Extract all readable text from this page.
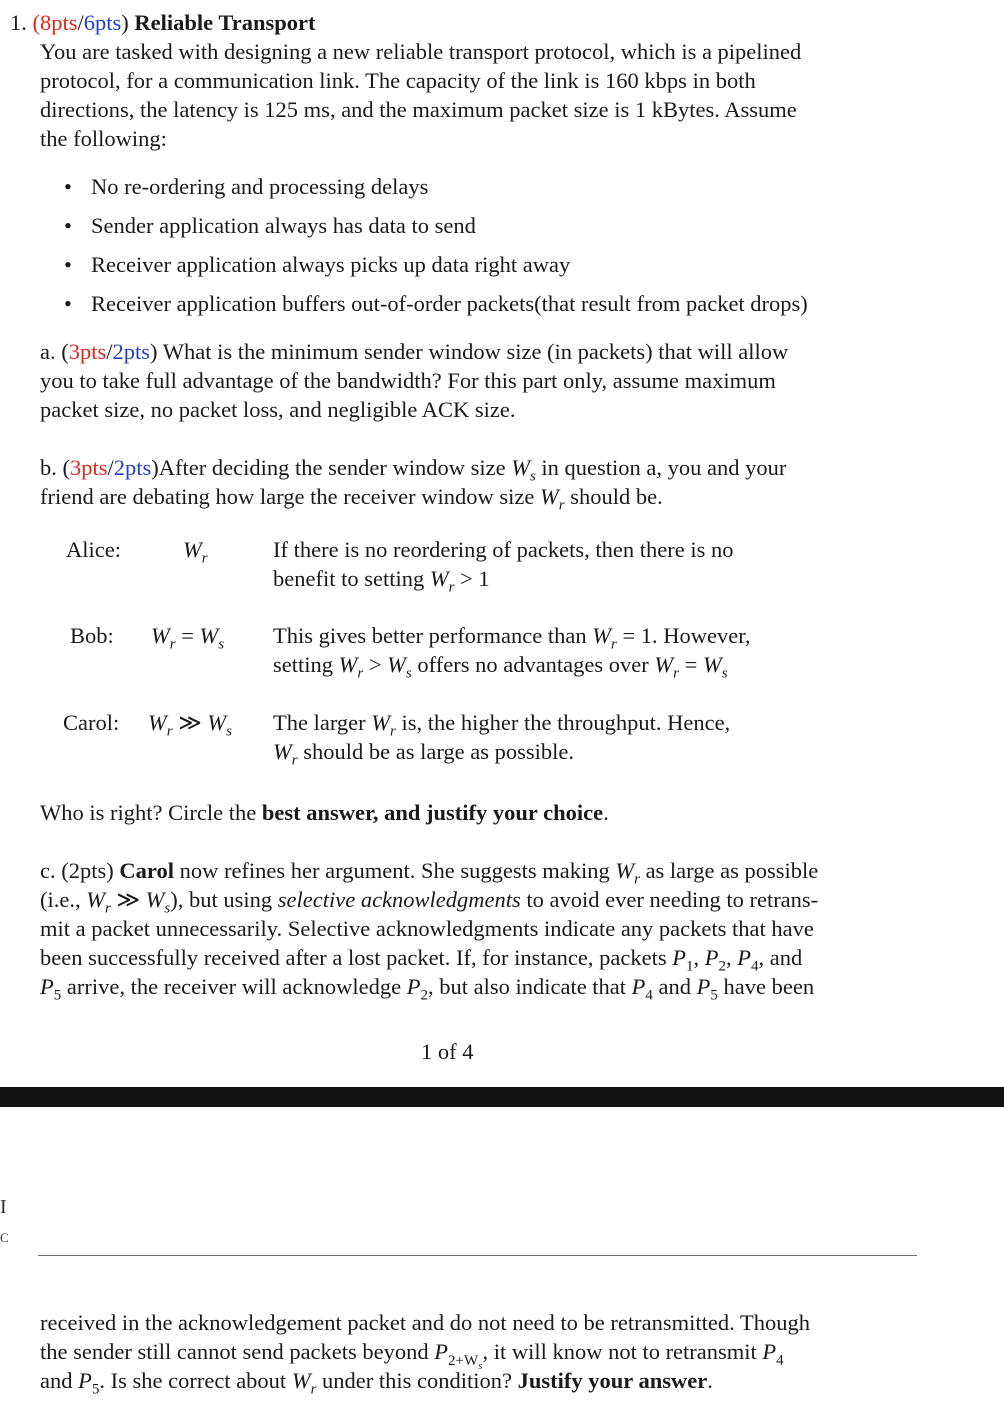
1. (8pts/6pts) Reliable Transport
You are tasked with designing a new reliable transport protocol, which is a pipelined
protocol, for a communication link. The capacity of the link is 160 kbps in both
directions, the latency is 125 ms, and the maximum packet size is 1 kBytes. Assume
the following:
No re-ordering and processing delays
Sender application always has data to send
Receiver application always picks up data right away
Receiver application buffers out-of-order packets(that result from packet drops)
a. (3pts/2pts) What is the minimum sender window size (in packets) that will allow
you to take full advantage of the bandwidth? For this part only, assume maximum
packet size, no packet loss, and negligible ACK size.
b. (3pts/2pts)After deciding the sender window size $W_s$ in question a, you and your
friend are debating how large the receiver window size $W_r$ should be.
Alice:	$W_r$	If there is no reordering of packets, then there is no
benefit to setting $W_r > 1$
Bob: $W_r = W_s$ This gives better performance than $W_r = 1$. However,
setting $W_r > W_s$ offers no advantages over $W_r = W_s$
Carol: $W_r$ ≫ $W_s$ The larger $W_r$ is, the higher the throughput. Hence,
$W_r$ should be as large as possible.
Who is right? Circle the best answer, and justify your choice.
c. (2pts) Carol now refines her argument. She suggests making $W_r$ as large as possible
(i.e., $W_r$ ≫ $W_s$), but using selective acknowledgments to avoid ever needing to retrans-
mit a packet unnecessarily. Selective acknowledgments indicate any packets that have
been successfully received after a lost packet. If, for instance, packets $P_1$, $P_2$, $P_4$, and
$P_5$ arrive, the receiver will acknowledge $P_2$, but also indicate that $P_4$ and $P_5$ have been
1 of 4
I
C
received in the acknowledgement packet and do not need to be retransmitted. Though
the sender still cannot send packets beyond $P_{2+W_s}$, it will know not to retransmit $P_4$
and $P_5$. Is she correct about $W_r$ under this condition? Justify your answer.
